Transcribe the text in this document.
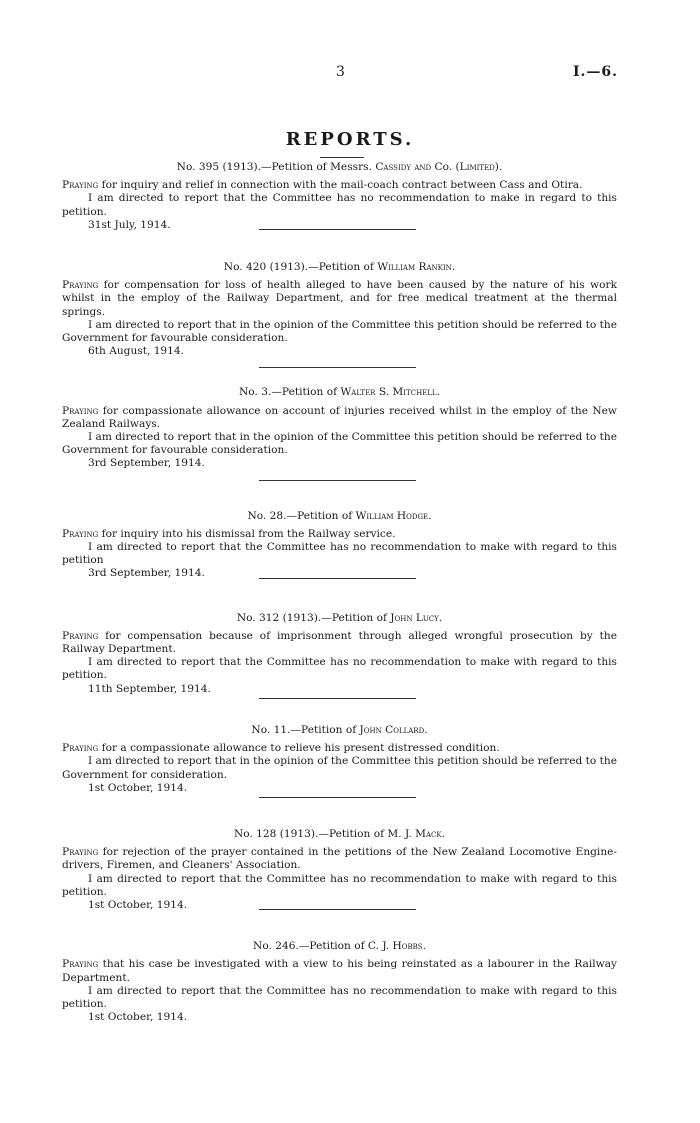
3	I.—6.
REPORTS.

No. 395 (1913).—Petition of Messrs. Cassidy and Co. (Limited).

Praying for inquiry and relief in connection with the mail-coach contract between Cass and Otira.

I am directed to report that the Committee has no recommendation to make in regard to this petition.

31st July, 1914.

No. 420 (1913).—Petition of William Rankin.

Praying for compensation for loss of health alleged to have been caused by the nature of his work whilst in the employ of the Railway Department, and for free medical treatment at the thermal springs.

I am directed to report that in the opinion of the Committee this petition should be referred to the Government for favourable consideration.

6th August, 1914.

No. 3.—Petition of Walter S. Mitchell.

Praying for compassionate allowance on account of injuries received whilst in the employ of the New Zealand Railways.

I am directed to report that in the opinion of the Committee this petition should be referred to the Government for favourable consideration.

3rd September, 1914.

No. 28.—Petition of William Hodge.

Praying for inquiry into his dismissal from the Railway service.

I am directed to report that the Committee has no recommendation to make with regard to this petition

3rd September, 1914.

No. 312 (1913).—Petition of John Lucy.

Praying for compensation because of imprisonment through alleged wrongful prosecution by the Railway Department.

I am directed to report that the Committee has no recommendation to make with regard to this petition.

11th September, 1914.

No. 11.—Petition of John Collard.

Praying for a compassionate allowance to relieve his present distressed condition.

I am directed to report that in the opinion of the Committee this petition should be referred to the Government for consideration.

1st October, 1914.

No. 128 (1913).—Petition of M. J. Mack.

Praying for rejection of the prayer contained in the petitions of the New Zealand Locomotive Engine-drivers, Firemen, and Cleaners' Association.

I am directed to report that the Committee has no recommendation to make with regard to this petition.

1st October, 1914.

No. 246.—Petition of C. J. Hobbs.

Praying that his case be investigated with a view to his being reinstated as a labourer in the Railway Department.

I am directed to report that the Committee has no recommendation to make with regard to this petition.

1st October, 1914.
